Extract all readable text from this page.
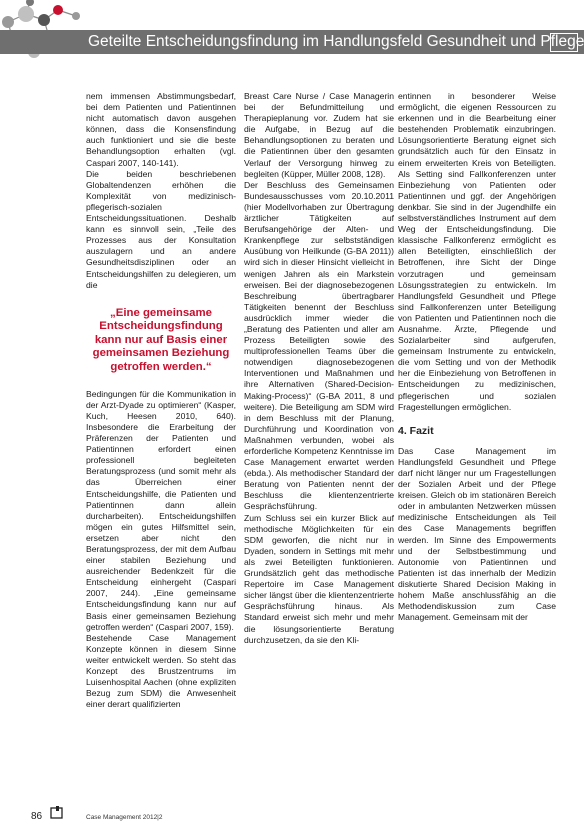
Geteilte Entscheidungsfindung im Handlungsfeld Gesundheit und Pflege

nem immensen Abstimmungsbedarf, bei dem Patienten und Patientinnen nicht automatisch davon ausgehen können, dass die Konsensfindung auch funktioniert und sie die beste Behandlungsoption erhalten (vgl. Caspari 2007, 140-141).

Die beiden beschriebenen Globaltendenzen erhöhen die Komplexität von medizinisch-pflegerisch-sozialen Entscheidungssituationen. Deshalb kann es sinnvoll sein, „Teile des Prozesses aus der Konsultation auszulagern und an andere Gesundheitsdisziplinen oder an Entscheidungshilfen zu delegieren, um die

„Eine gemeinsame Entscheidungsfindung kann nur auf Basis einer gemeinsamen Beziehung getroffen werden.“

Bedingungen für die Kommunikation in der Arzt-Dyade zu optimieren“ (Kasper, Kuch, Heesen 2010, 640). Insbesondere die Erarbeitung der Präferenzen der Patienten und Patientinnen erfordert einen professionell begleiteten Beratungsprozess (und somit mehr als das Überreichen einer Entscheidungshilfe, die Patienten und Patientinnen dann allein durcharbeiten). Entscheidungshilfen mögen ein gutes Hilfsmittel sein, ersetzen aber nicht den Beratungsprozess, der mit dem Aufbau einer stabilen Beziehung und ausreichender Bedenkzeit für die Entscheidung einhergeht (Caspari 2007, 244). „Eine gemeinsame Entscheidungsfindung kann nur auf Basis einer gemeinsamen Beziehung getroffen werden“ (Caspari 2007, 159).

Bestehende Case Management Konzepte können in diesem Sinne weiter entwickelt werden. So steht das Konzept des Brustzentrums im Luisenhospital Aachen (ohne expliziten Bezug zum SDM) die Anwesenheit einer derart qualifizierten

Breast Care Nurse / Case Managerin bei der Befundmitteilung und Therapieplanung vor. Zudem hat sie die Aufgabe, in Bezug auf die Behandlungsoptionen zu beraten und die Patientinnen über den gesamten Verlauf der Versorgung hinweg zu begleiten (Küpper, Müller 2008, 128).

Der Beschluss des Gemeinsamen Bundesausschusses vom 20.10.2011 (hier Modellvorhaben zur Übertragung ärztlicher Tätigkeiten auf Berufsangehörige der Alten- und Krankenpflege zur selbstständigen Ausübung von Heilkunde (G-BA 2011)) wird sich in dieser Hinsicht vielleicht in wenigen Jahren als ein Markstein erweisen. Bei der diagnosebezogenen Beschreibung übertragbarer Tätigkeiten benennt der Beschluss ausdrücklich immer wieder die „Beratung des Patienten und aller am Prozess Beteiligten sowie des multiprofessionellen Teams über die notwendigen diagnosebezogenen Interventionen und Maßnahmen und ihre Alternativen (Shared-Decision-Making-Process)“ (G-BA 2011, 8 und weitere). Die Beteiligung am SDM wird in dem Beschluss mit der Planung, Durchführung und Koordination von Maßnahmen verbunden, wobei als erforderliche Kompetenz Kenntnisse im Case Management erwartet werden (ebda.). Als methodischer Standard der Beratung von Patienten nennt der Beschluss die klientenzentrierte Gesprächsführung.

Zum Schluss sei ein kurzer Blick auf methodische Möglichkeiten für ein SDM geworfen, die nicht nur in Dyaden, sondern in Settings mit mehr als zwei Beteiligten funktionieren. Grundsätzlich geht das methodische Repertoire im Case Management sicher längst über die klientenzentrierte Gesprächsführung hinaus. Als Standard erweist sich mehr und mehr die lösungsorientierte Beratung durchzusetzen, da sie den Kli-

entinnen in besonderer Weise ermöglicht, die eigenen Ressourcen zu erkennen und in die Bearbeitung einer bestehenden Problematik einzubringen. Lösungsorientierte Beratung eignet sich grundsätzlich auch für den Einsatz in einem erweiterten Kreis von Beteiligten. Als Setting sind Fallkonferenzen unter Einbeziehung von Patienten oder Patientinnen und ggf. der Angehörigen denkbar. Sie sind in der Jugendhilfe ein selbstverständliches Instrument auf dem Weg der Entscheidungsfindung. Die klassische Fallkonferenz ermöglicht es allen Beteiligten, einschließlich der Betroffenen, ihre Sicht der Dinge vorzutragen und gemeinsam Lösungsstrategien zu entwickeln. Im Handlungsfeld Gesundheit und Pflege sind Fallkonferenzen unter Beteiligung von Patienten und Patientinnen noch die Ausnahme. Ärzte, Pflegende und Sozialarbeiter sind aufgerufen, gemeinsam Instrumente zu entwickeln, die vom Setting und von der Methodik her die Einbeziehung von Betroffenen in Entscheidungen zu medizinischen, pflegerischen und sozialen Fragestellungen ermöglichen.

4. Fazit

Das Case Management im Handlungsfeld Gesundheit und Pflege darf nicht länger nur um Fragestellungen der Sozialen Arbeit und der Pflege kreisen. Gleich ob im stationären Bereich oder in ambulanten Netzwerken müssen medizinische Entscheidungen als Teil des Case Managements begriffen werden. Im Sinne des Empowerments und der Selbstbestimmung und Autonomie von Patientinnen und Patienten ist das innerhalb der Medizin diskutierte Shared Decision Making in hohem Maße anschlussfähig an die Methodendiskussion zum Case Management. Gemeinsam mit der

86	Case Management 2012|2
